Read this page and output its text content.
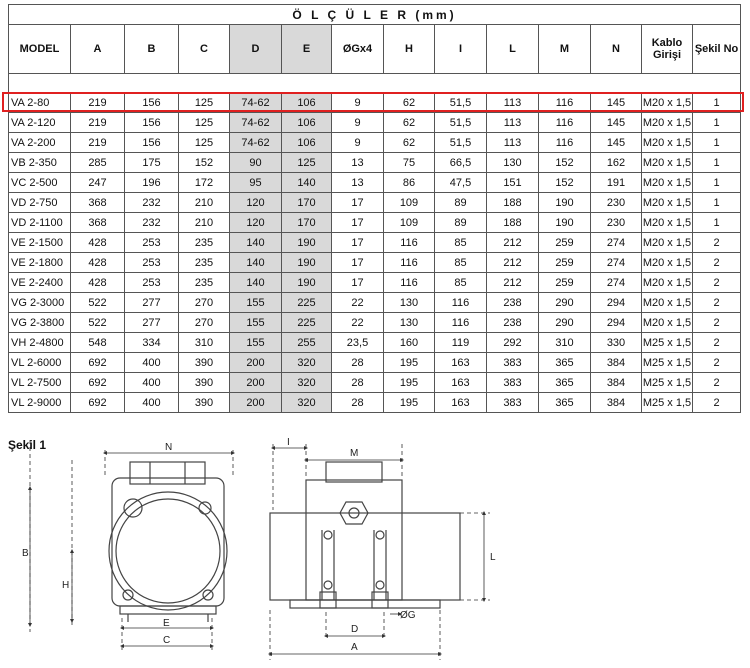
Ö L Ç Ü L E R (mm)													
MODEL	A	B	C	D	E	ØGx4	H	I	L	M	N	Kablo Girişi	Şekil No

VA 2-80	219	156	125	74-62	106	9	62	51,5	113	116	145	M20 x 1,5	1
VA 2-120	219	156	125	74-62	106	9	62	51,5	113	116	145	M20 x 1,5	1
VA 2-200	219	156	125	74-62	106	9	62	51,5	113	116	145	M20 x 1,5	1
VB 2-350	285	175	152	90	125	13	75	66,5	130	152	162	M20 x 1,5	1
VC 2-500	247	196	172	95	140	13	86	47,5	151	152	191	M20 x 1,5	1
VD 2-750	368	232	210	120	170	17	109	89	188	190	230	M20 x 1,5	1
VD 2-1100	368	232	210	120	170	17	109	89	188	190	230	M20 x 1,5	1
VE 2-1500	428	253	235	140	190	17	116	85	212	259	274	M20 x 1,5	2
VE 2-1800	428	253	235	140	190	17	116	85	212	259	274	M20 x 1,5	2
VE 2-2400	428	253	235	140	190	17	116	85	212	259	274	M20 x 1,5	2
VG 2-3000	522	277	270	155	225	22	130	116	238	290	294	M20 x 1,5	2
VG 2-3800	522	277	270	155	225	22	130	116	238	290	294	M20 x 1,5	2
VH 2-4800	548	334	310	155	255	23,5	160	119	292	310	330	M25 x 1,5	2
VL 2-6000	692	400	390	200	320	28	195	163	383	365	384	M25 x 1,5	2
VL 2-7500	692	400	390	200	320	28	195	163	383	365	384	M25 x 1,5	2
VL 2-9000	692	400	390	200	320	28	195	163	383	365	384	M25 x 1,5	2
Şekil 1	N
B
H
E
C
I
M
L
D
ØG
A
